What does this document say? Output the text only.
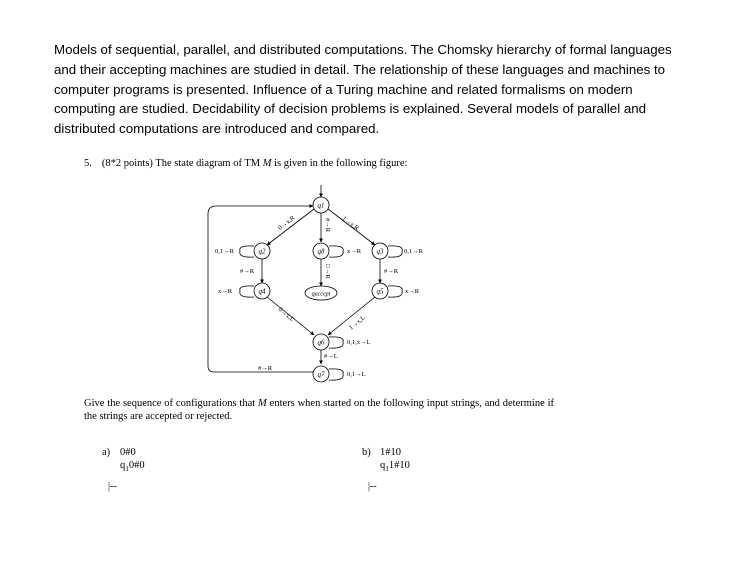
Models of sequential, parallel, and distributed computations. The Chomsky hierarchy of formal languages and their accepting machines are studied in detail. The relationship of these languages and machines to computer programs is presented. Influence of a Turing machine and related formalisms on modern computing are studied. Decidability of decision problems is explained. Several models of parallel and distributed computations are introduced and compared.

5. (8*2 points) The state diagram of TM M is given in the following figure:
q1
q2	q8	q3
q4	qaccept	q5
q6
q7
0,1→R
#→R
x→R
0→x,R	1→x,R
#→R
x→R
□→R
0,1→R
#→R
x→R
0→x,L	1→x,L
0,1,x→L
#→L
0,1→L
#→R
Give the sequence of configurations that M enters when started on the following input strings, and determine if the strings are accepted or rejected.
a) 0#0
$q_10\#0$
|--
b) 1#10
$q_11\#10$
|--
